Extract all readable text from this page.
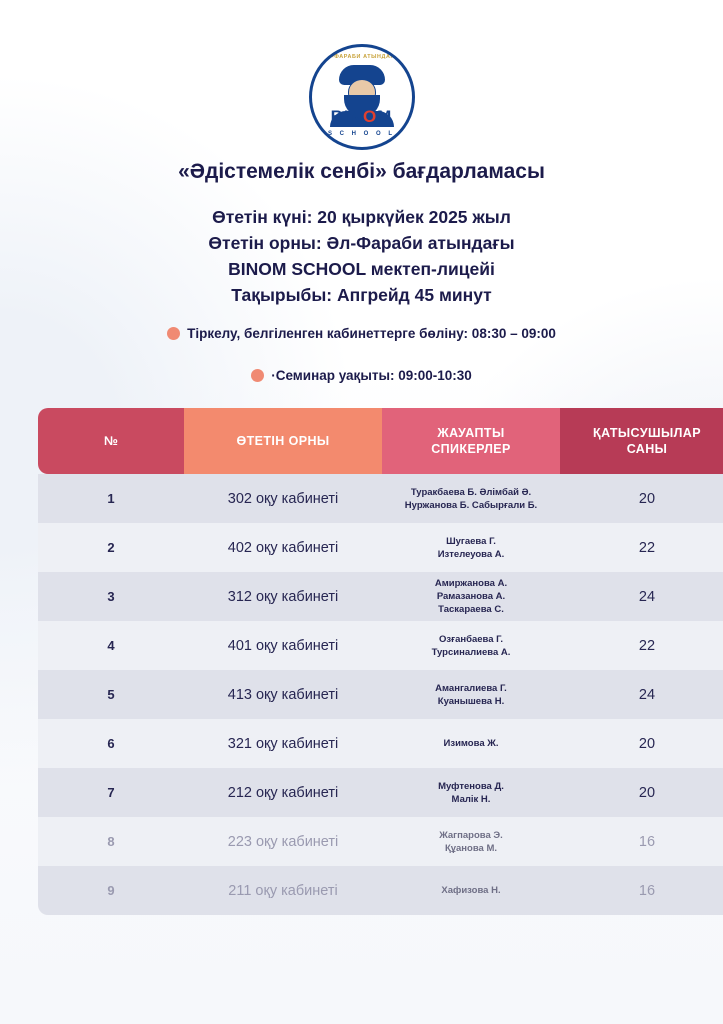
ӘЛ-ФАРАБИ АТЫНДАҒЫ
BINOM
S C H O O L
«Әдістемелік сенбі» бағдарламасы
Өтетін күні: 20 қыркүйек 2025 жыл
Өтетін орны: Әл-Фараби атындағы
BINOM SCHOOL мектеп-лицейі
Тақырыбы: Апгрейд 45 минут
Тіркелу, белгіленген кабинеттерге бөліну: 08:30 – 09:00
·Семинар уақыты: 09:00-10:30
№	ӨТЕТІН ОРНЫ	
ЖАУАПТЫ
СПИКЕРЛЕР

ҚАТЫСУШЫЛАР
САНЫ

1	302 оқу кабинеті	Туракбаева Б. Әлімбай Ә.
Нуржанова Б. Сабырғали Б.	20
2	402 оқу кабинеті	Шугаева Г.
Изтелеуова А.	22
3	312 оқу кабинеті	Амиржанова А.
Рамазанова А.
Таскараева С.	24
4	401 оқу кабинеті	Озғанбаева Г.
Турсиналиева А.	22
5	413 оқу кабинеті	Амангалиева Г.
Куанышева Н.	24
6	321 оқу кабинеті	Изимова Ж.	20
7	212 оқу кабинеті	Муфтенова Д.
Малік Н.	20
8	223 оқу кабинеті	Жагпарова Э.
Құанова М.	16
9	211 оқу кабинеті	Хафизова Н.	16
